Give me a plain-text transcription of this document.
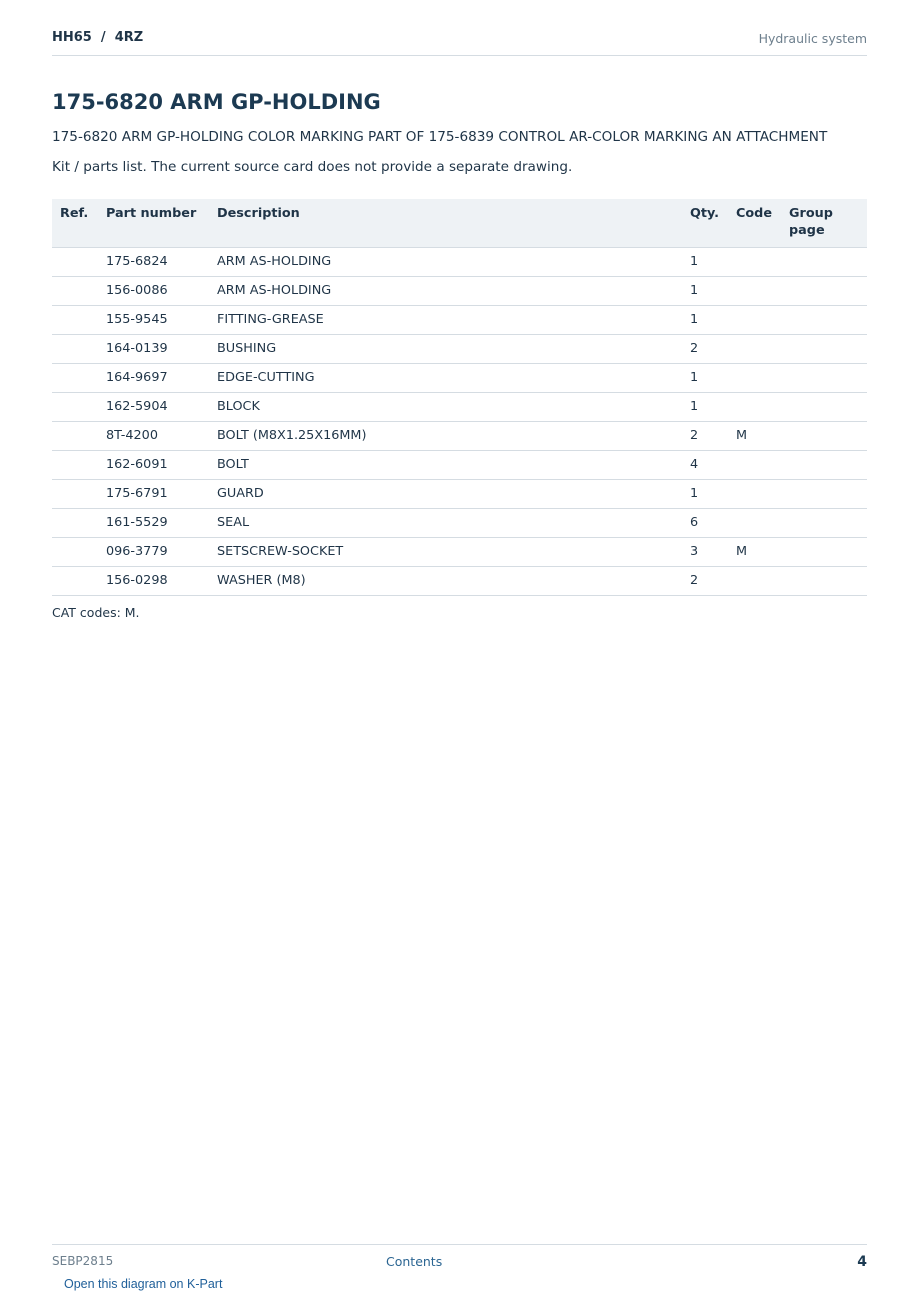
HH65  /  4RZ	Hydraulic system
175-6820 ARM GP-HOLDING
175-6820 ARM GP-HOLDING COLOR MARKING PART OF 175-6839 CONTROL AR-COLOR MARKING AN ATTACHMENT
Kit / parts list. The current source card does not provide a separate drawing.
Ref.	Part number	Description	Qty.	Code	Group page
	175-6824	ARM AS-HOLDING	1		
	156-0086	ARM AS-HOLDING	1		
	155-9545	FITTING-GREASE	1		
	164-0139	BUSHING	2		
	164-9697	EDGE-CUTTING	1		
	162-5904	BLOCK	1		
	8T-4200	BOLT (M8X1.25X16MM)	2	M	
	162-6091	BOLT	4		
	175-6791	GUARD	1		
	161-5529	SEAL	6		
	096-3779	SETSCREW-SOCKET	3	M	
	156-0298	WASHER (M8)	2		
CAT codes: M.
SEBP2815	Contents	4
Open this diagram on K-Part
